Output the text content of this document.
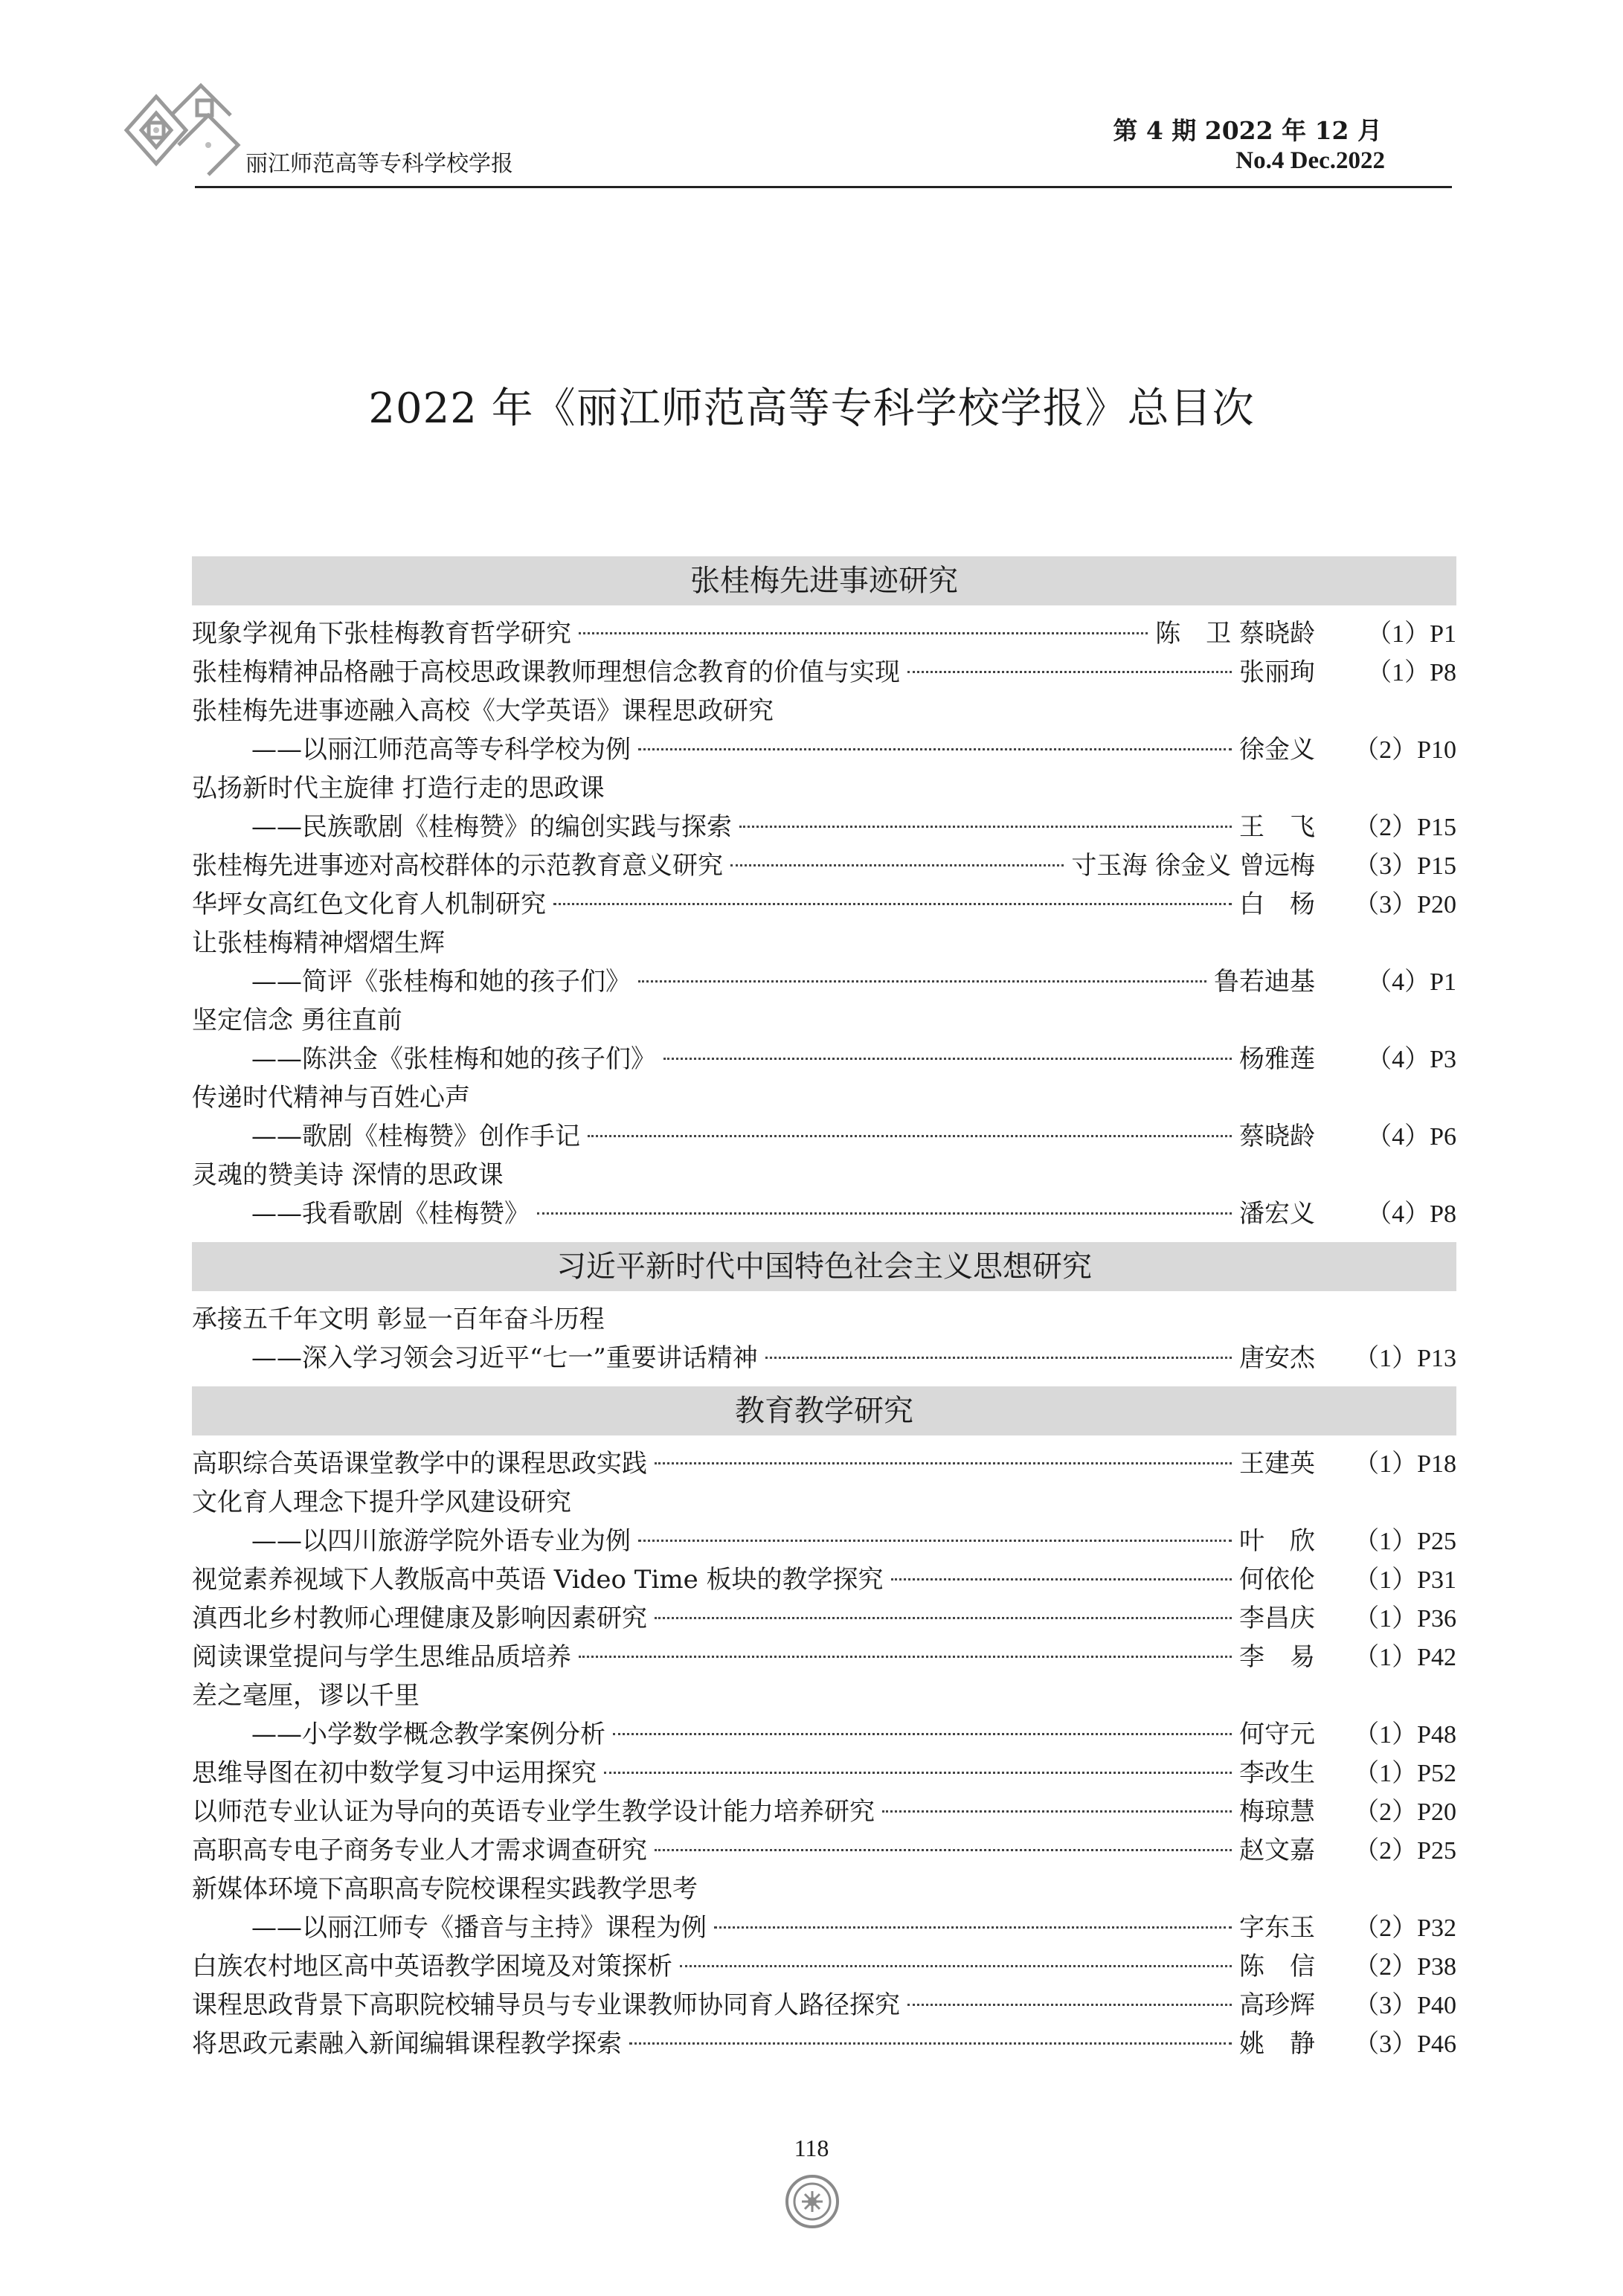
丽江师范高等专科学校学报
第 4 期 2022 年 12 月
No.4 Dec.2022
2022 年《丽江师范高等专科学校学报》总目次
张桂梅先进事迹研究
现象学视角下张桂梅教育哲学研究	陈　卫 蔡晓龄	（1）P1
张桂梅精神品格融于高校思政课教师理想信念教育的价值与实现	张丽珣	（1）P8
张桂梅先进事迹融入高校《大学英语》课程思政研究
——以丽江师范高等专科学校为例	徐金义	（2）P10
弘扬新时代主旋律 打造行走的思政课
——民族歌剧《桂梅赞》的编创实践与探索	王　飞	（2）P15
张桂梅先进事迹对高校群体的示范教育意义研究	寸玉海 徐金义 曾远梅	（3）P15
华坪女高红色文化育人机制研究	白　杨	（3）P20
让张桂梅精神熠熠生辉
——简评《张桂梅和她的孩子们》	鲁若迪基	（4）P1
坚定信念 勇往直前
——陈洪金《张桂梅和她的孩子们》	杨雅莲	（4）P3
传递时代精神与百姓心声
——歌剧《桂梅赞》创作手记	蔡晓龄	（4）P6
灵魂的赞美诗 深情的思政课
——我看歌剧《桂梅赞》	潘宏义	（4）P8
习近平新时代中国特色社会主义思想研究
承接五千年文明 彰显一百年奋斗历程
——深入学习领会习近平“七一”重要讲话精神	唐安杰	（1）P13
教育教学研究
高职综合英语课堂教学中的课程思政实践	王建英	（1）P18
文化育人理念下提升学风建设研究
——以四川旅游学院外语专业为例	叶　欣	（1）P25
视觉素养视域下人教版高中英语 Video Time 板块的教学探究	何依伦	（1）P31
滇西北乡村教师心理健康及影响因素研究	李昌庆	（1）P36
阅读课堂提问与学生思维品质培养	李　易	（1）P42
差之毫厘，谬以千里
——小学数学概念教学案例分析	何守元	（1）P48
思维导图在初中数学复习中运用探究	李改生	（1）P52
以师范专业认证为导向的英语专业学生教学设计能力培养研究	梅琼慧	（2）P20
高职高专电子商务专业人才需求调查研究	赵文嘉	（2）P25
新媒体环境下高职高专院校课程实践教学思考
——以丽江师专《播音与主持》课程为例	字东玉	（2）P32
白族农村地区高中英语教学困境及对策探析	陈　信	（2）P38
课程思政背景下高职院校辅导员与专业课教师协同育人路径探究	高珍辉	（3）P40
将思政元素融入新闻编辑课程教学探索	姚　静	（3）P46
118
